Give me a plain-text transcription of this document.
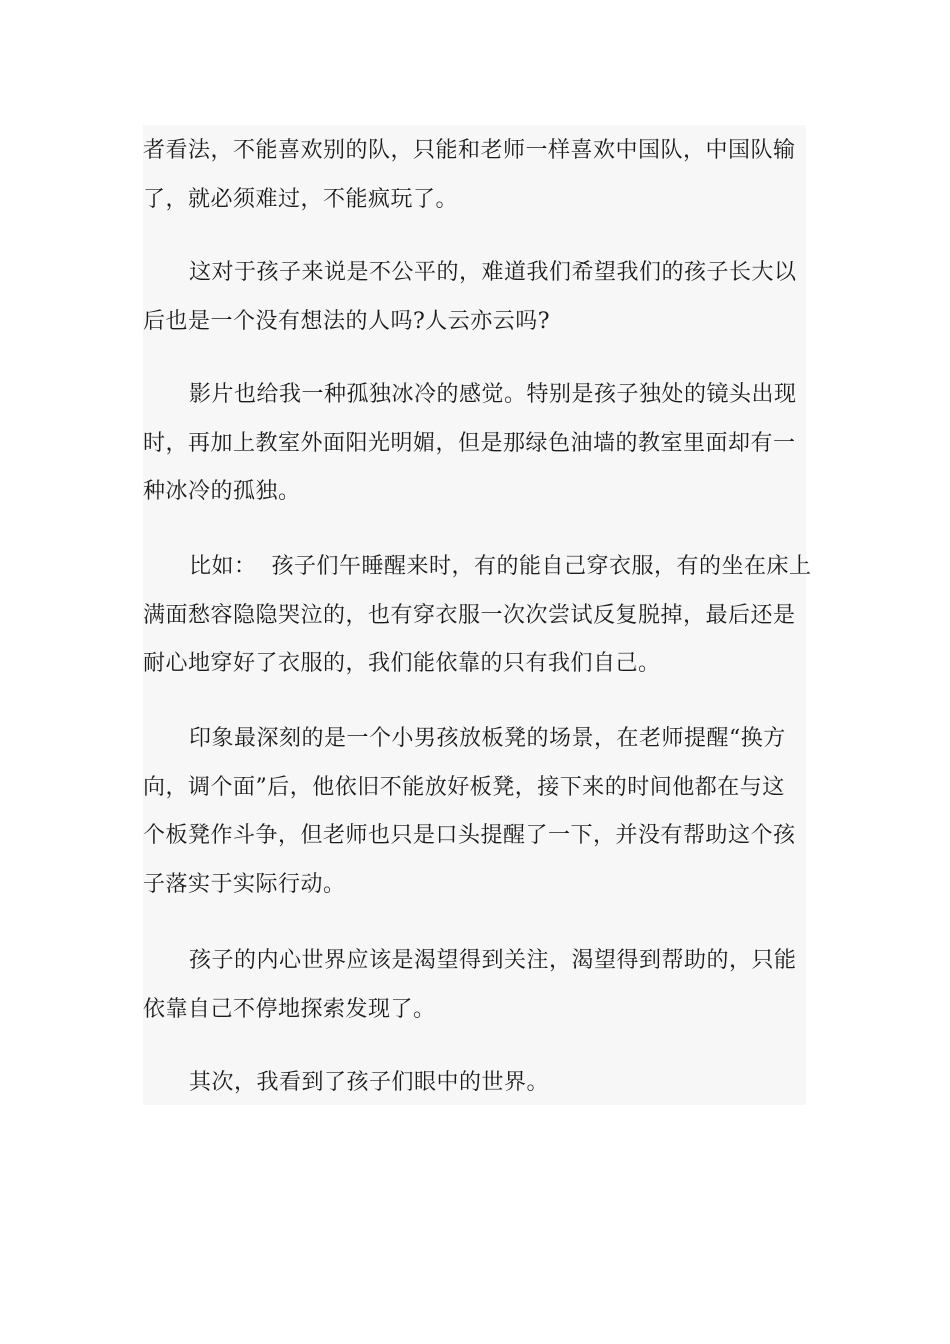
者看法，不能喜欢别的队，只能和老师一样喜欢中国队，中国队输
了，就必须难过，不能疯玩了。

这对于孩子来说是不公平的，难道我们希望我们的孩子长大以
后也是一个没有想法的人吗?人云亦云吗?

影片也给我一种孤独冰冷的感觉。特别是孩子独处的镜头出现
时，再加上教室外面阳光明媚，但是那绿色油墙的教室里面却有一
种冰冷的孤独。

比如：  孩子们午睡醒来时，有的能自己穿衣服，有的坐在床上
满面愁容隐隐哭泣的，也有穿衣服一次次尝试反复脱掉，最后还是
耐心地穿好了衣服的，我们能依靠的只有我们自己。

印象最深刻的是一个小男孩放板凳的场景，在老师提醒“换方
向，调个面”后，他依旧不能放好板凳，接下来的时间他都在与这
个板凳作斗争，但老师也只是口头提醒了一下，并没有帮助这个孩
子落实于实际行动。

孩子的内心世界应该是渴望得到关注，渴望得到帮助的，只能
依靠自己不停地探索发现了。

其次，我看到了孩子们眼中的世界。
